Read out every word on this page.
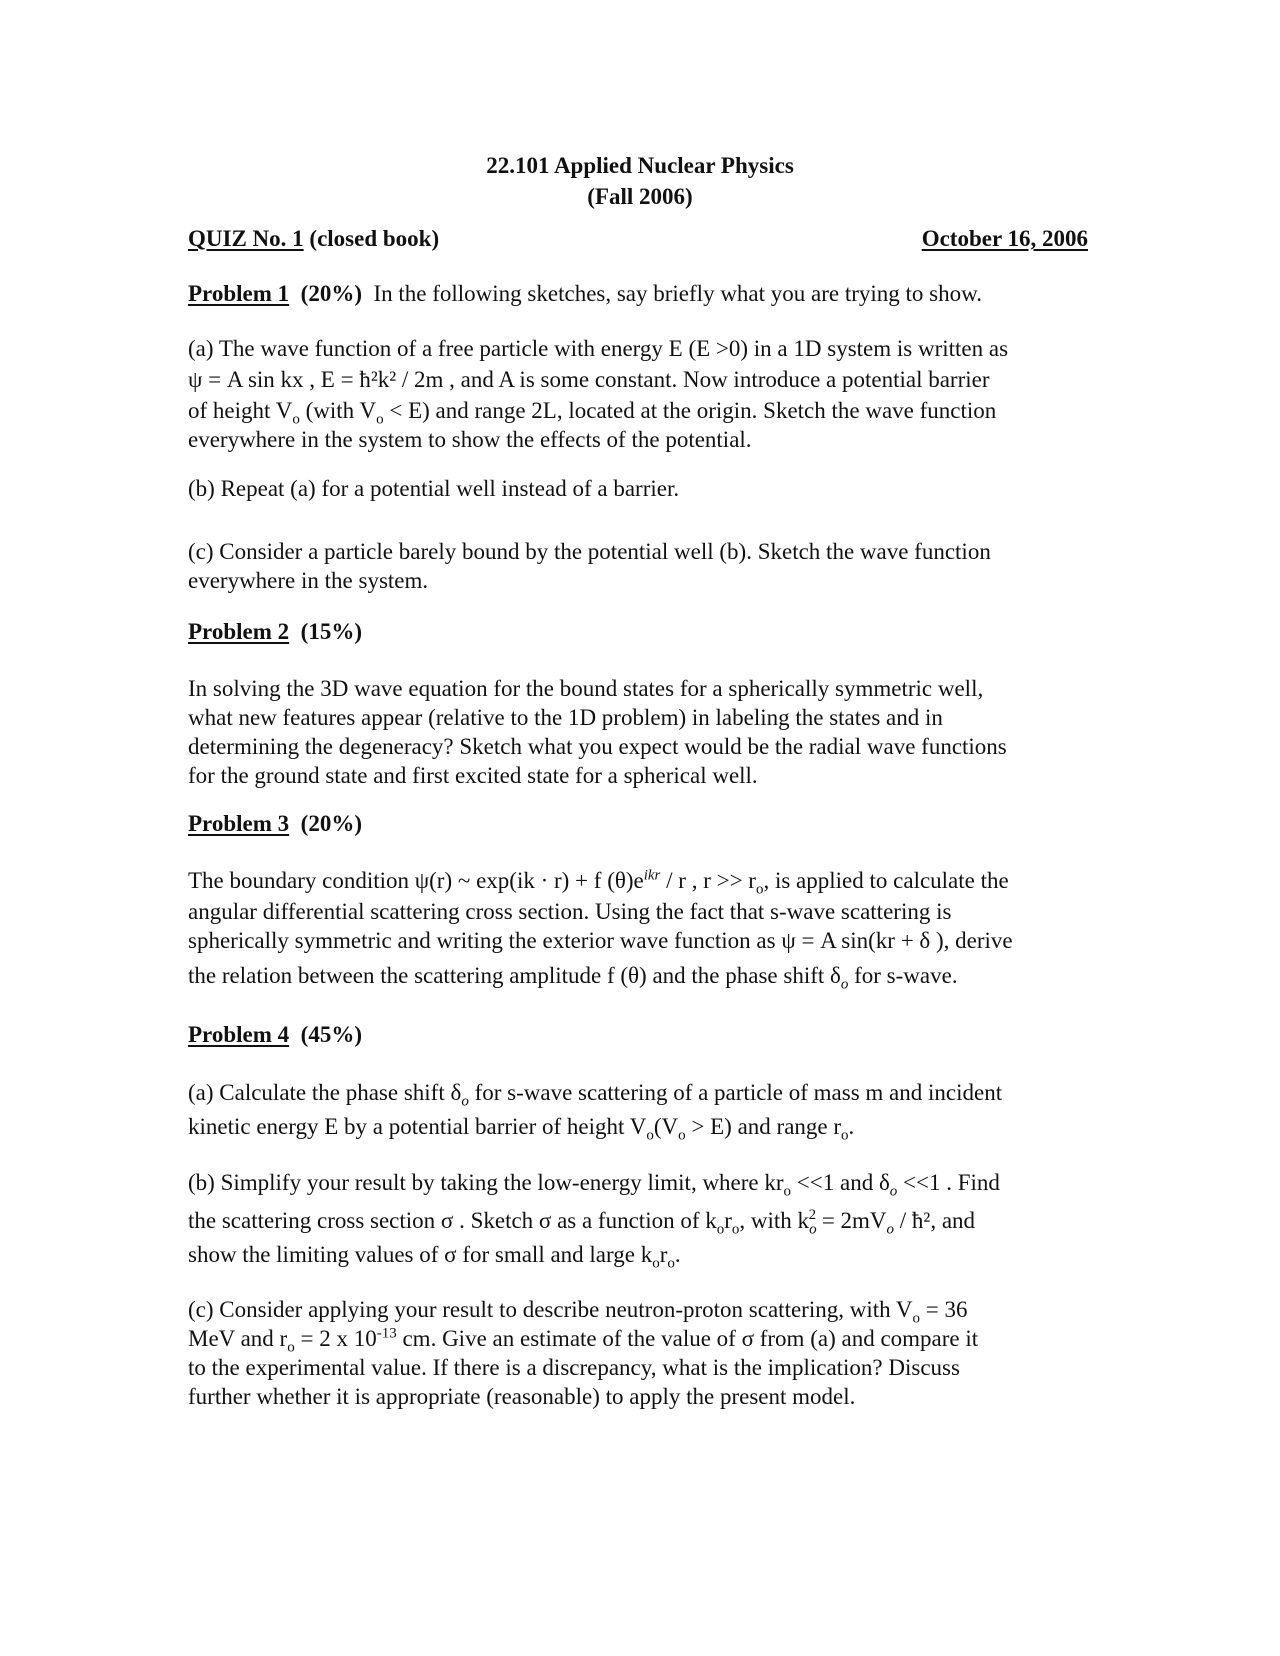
22.101 Applied Nuclear Physics
(Fall 2006)
QUIZ No. 1 (closed book)	October 16, 2006
Problem 1 (20%) In the following sketches, say briefly what you are trying to show.

(a) The wave function of a free particle with energy E (E >0) in a 1D system is written as

ψ = A sin kx , E = ħ²k² / 2m , and A is some constant. Now introduce a potential barrier

of height $V_o$ (with $V_o < E$) and range 2L, located at the origin. Sketch the wave function

everywhere in the system to show the effects of the potential.

(b) Repeat (a) for a potential well instead of a barrier.

(c) Consider a particle barely bound by the potential well (b). Sketch the wave function

everywhere in the system.

Problem 2 (15%)

In solving the 3D wave equation for the bound states for a spherically symmetric well,

what new features appear (relative to the 1D problem) in labeling the states and in

determining the degeneracy? Sketch what you expect would be the radial wave functions

for the ground state and first excited state for a spherical well.

Problem 3 (20%)

The boundary condition ψ(r) ~ exp(ik · r) + f $(\theta)e^{ikr}$ / r , $r >> r_o$, is applied to calculate the

angular differential scattering cross section. Using the fact that s-wave scattering is

spherically symmetric and writing the exterior wave function as ψ = A sin(kr + δ ), derive

the relation between the scattering amplitude f (θ) and the phase shift $\delta_o$ for s-wave.

Problem 4 (45%)

(a) Calculate the phase shift $\delta_o$ for s-wave scattering of a particle of mass m and incident

kinetic energy E by a potential barrier of height $V_o(V_o > E)$ and range $r_o$.

(b) Simplify your result by taking the low-energy limit, where $kr_o <<1$ and $\delta_o <<1$ . Find

the scattering cross section σ . Sketch σ as a function of $k_or_o$, with $k_o^2 = 2mV_o$ / ħ², and

show the limiting values of σ for small and large $k_or_o$.

(c) Consider applying your result to describe neutron-proton scattering, with $V_o = 36$

MeV and $r_o = 2$ x $10^{-13}$ cm. Give an estimate of the value of σ from (a) and compare it

to the experimental value. If there is a discrepancy, what is the implication? Discuss

further whether it is appropriate (reasonable) to apply the present model.
